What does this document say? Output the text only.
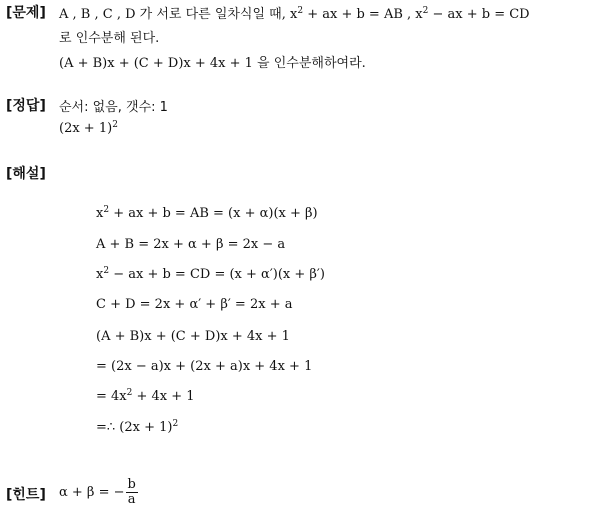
[문제] A , B , C , D 가 서로 다른 일차식일 때, $x^2$ + ax + b = AB , $x^2$ − ax + b = CD
로 인수분해 된다.
(A + B)x + (C + D)x + 4x + 1 을 인수분해하여라.
[정답] 순서: 없음, 갯수: 1
$(2x + 1)^2$
[해설]
$x^2$ + ax + b = AB = (x + α)(x + β)
A + B = 2x + α + β = 2x − a
$x^2$ − ax + b = CD = (x + α′)(x + β′)
C + D = 2x + α′ + β′ = 2x + a
(A + B)x + (C + D)x + 4x + 1
= (2x − a)x + (2x + a)x + 4x + 1
= $4x^2 + 4x + 1$
=∴ $(2x + 1)^2$
[힌트] α + β = − $\frac{b}{a}$
